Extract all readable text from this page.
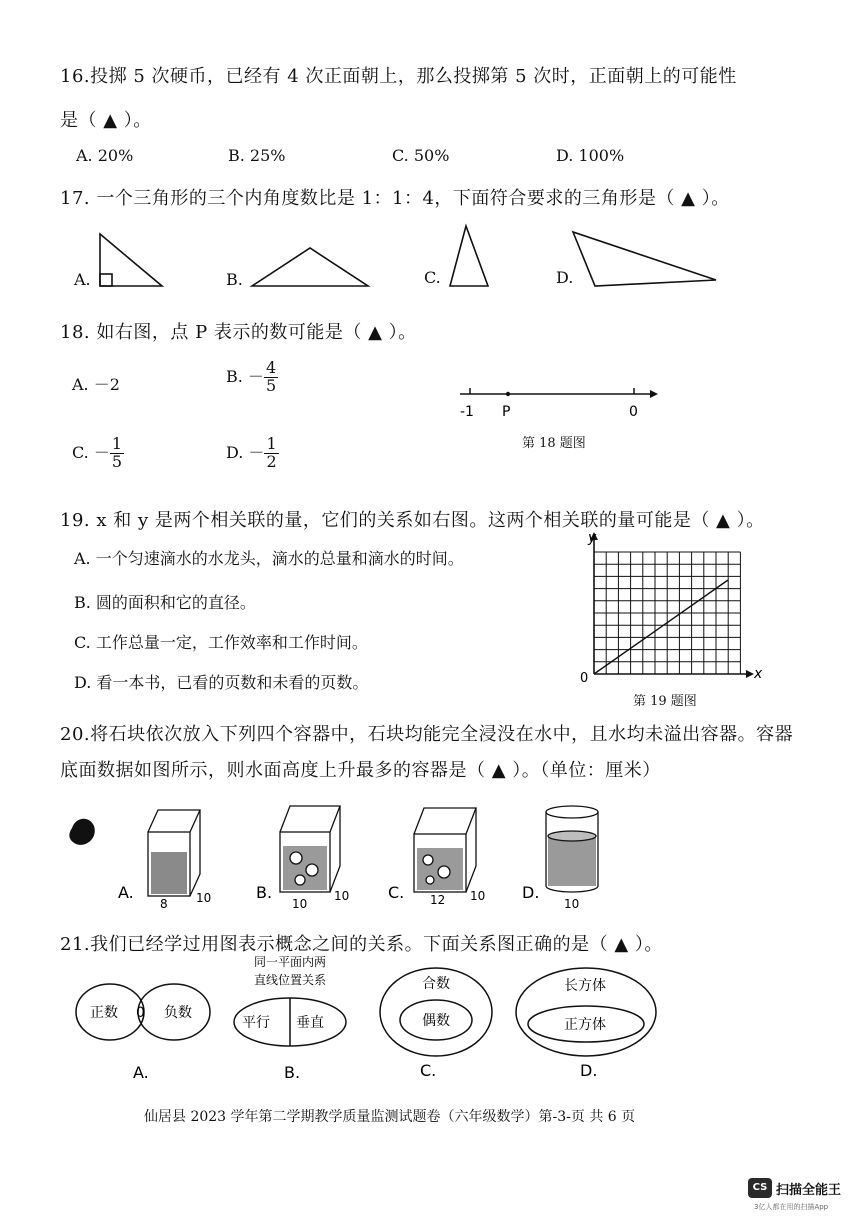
16.投掷 5 次硬币，已经有 4 次正面朝上，那么投掷第 5 次时，正面朝上的可能性
是（ ▲ ）。
A. 20%	B. 25%	C. 50%	D. 100%
17. 一个三角形的三个内角度数比是 1：1：4，下面符合要求的三角形是（ ▲ ）。
A.	B.	C.	D.
18. 如右图，点 P 表示的数可能是（ ▲ ）。
A. －2	B. － $\frac{4}{5}$
C. － $\frac{1}{5}$	D. － $\frac{1}{2}$
-1 P	0
第 18 题图
19. x 和 y 是两个相关联的量，它们的关系如右图。这两个相关联的量可能是（ ▲ ）。
A. 一个匀速滴水的水龙头，滴水的总量和滴水的时间。
B. 圆的面积和它的直径。
C. 工作总量一定，工作效率和工作时间。
D. 看一本书，已看的页数和未看的页数。
y
x
0
第 19 题图
20.将石块依次放入下列四个容器中，石块均能完全浸没在水中，且水均未溢出容器。容器
底面数据如图所示，则水面高度上升最多的容器是（ ▲ ）。（单位：厘米）
8 10
A.
10
10
B.	12 10
C.
10
D.
21.我们已经学过用图表示概念之间的关系。下面关系图正确的是（ ▲ ）。
正数 0 负数
A.
同一平面内两
直线位置关系
平行 垂直
B.
合数
偶数
C.
长方体
正方体
D.
仙居县 2023 学年第二学期教学质量监测试题卷（六年级数学）第-3-页 共 6 页
CS 扫描全能王
3亿人都在用的扫描App
